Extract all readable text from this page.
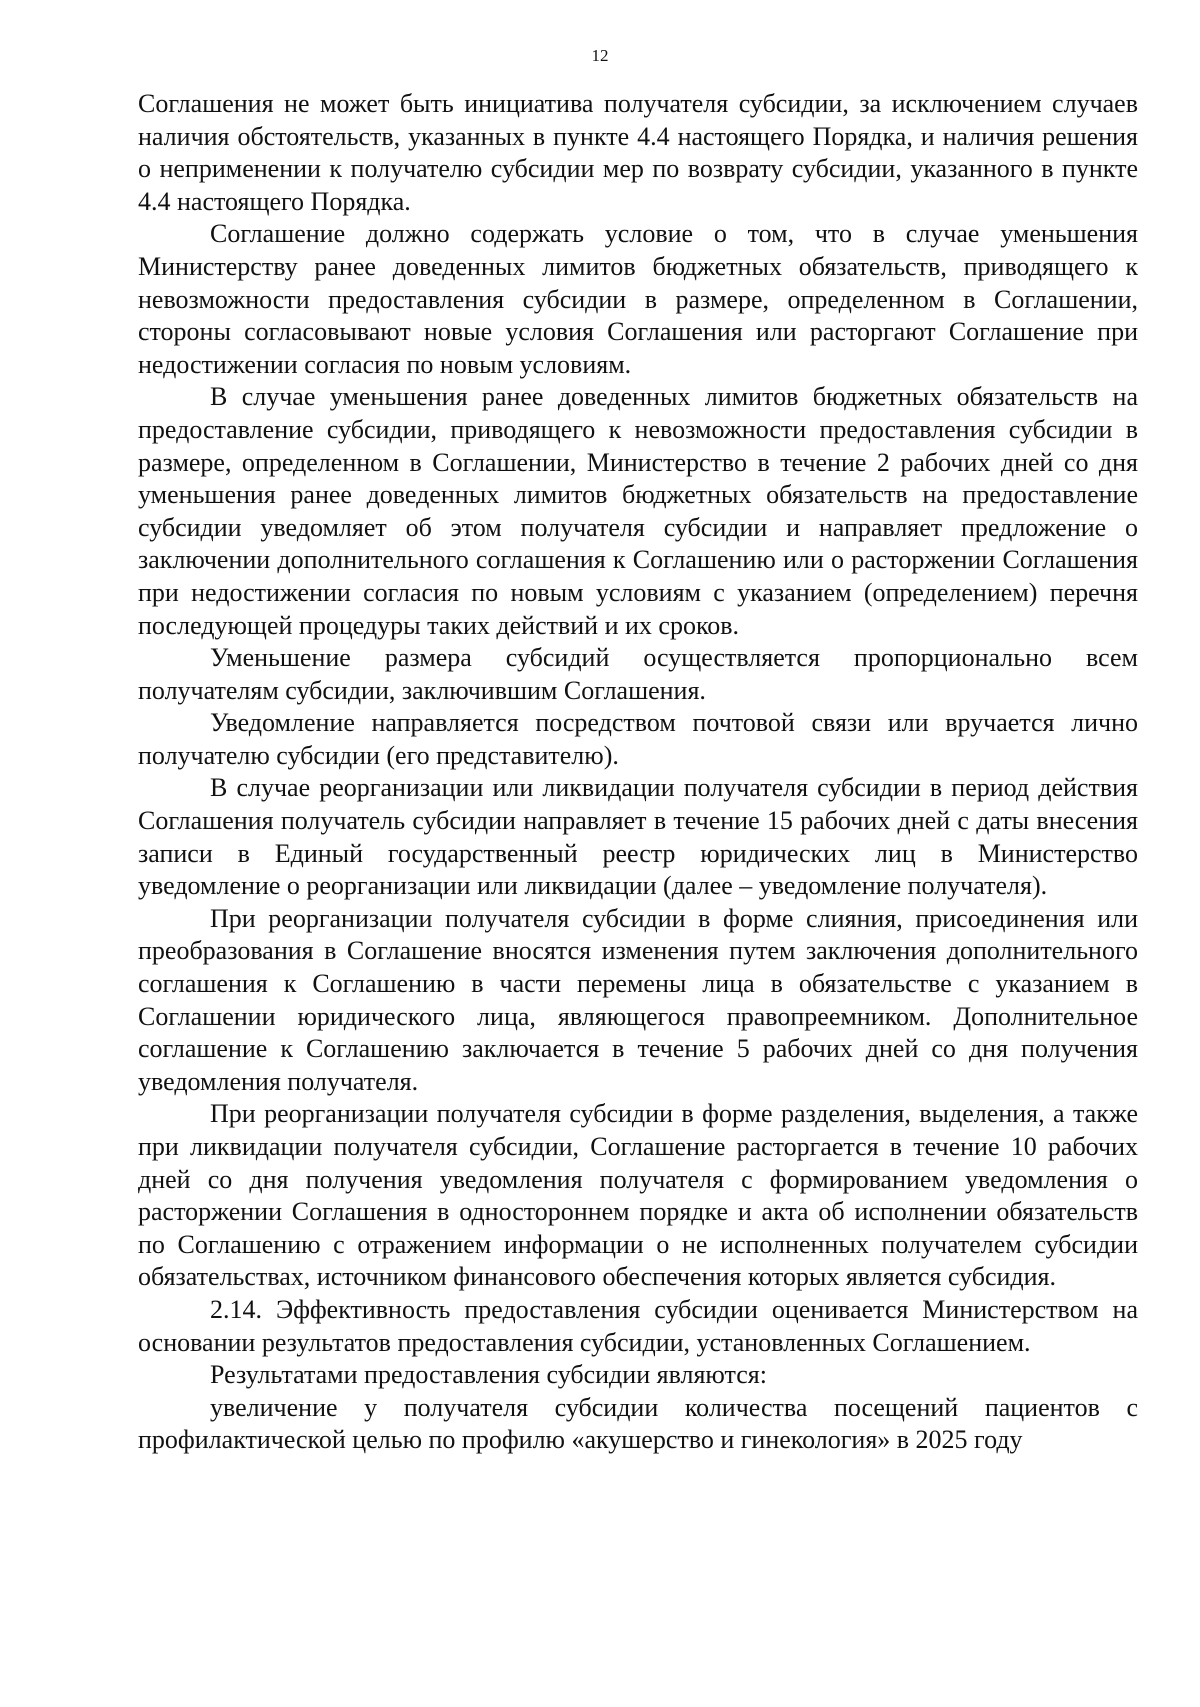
12

Соглашения не может быть инициатива получателя субсидии, за исключением случаев наличия обстоятельств, указанных в пункте 4.4 настоящего Порядка, и наличия решения о неприменении к получателю субсидии мер по возврату субсидии, указанного в пункте 4.4 настоящего Порядка.

Соглашение должно содержать условие о том, что в случае уменьшения Министерству ранее доведенных лимитов бюджетных обязательств, приводящего к невозможности предоставления субсидии в размере, определенном в Соглашении, стороны согласовывают новые условия Соглашения или расторгают Соглашение при недостижении согласия по новым условиям.

В случае уменьшения ранее доведенных лимитов бюджетных обязательств на предоставление субсидии, приводящего к невозможности предоставления субсидии в размере, определенном в Соглашении, Министерство в течение 2 рабочих дней со дня уменьшения ранее доведенных лимитов бюджетных обязательств на предоставление субсидии уведомляет об этом получателя субсидии и направляет предложение о заключении дополнительного соглашения к Соглашению или о расторжении Соглашения при недостижении согласия по новым условиям с указанием (определением) перечня последующей процедуры таких действий и их сроков.

Уменьшение размера субсидий осуществляется пропорционально всем получателям субсидии, заключившим Соглашения.

Уведомление направляется посредством почтовой связи или вручается лично получателю субсидии (его представителю).

В случае реорганизации или ликвидации получателя субсидии в период действия Соглашения получатель субсидии направляет в течение 15 рабочих дней с даты внесения записи в Единый государственный реестр юридических лиц в Министерство уведомление о реорганизации или ликвидации (далее – уведомление получателя).

При реорганизации получателя субсидии в форме слияния, присоединения или преобразования в Соглашение вносятся изменения путем заключения дополнительного соглашения к Соглашению в части перемены лица в обязательстве с указанием в Соглашении юридического лица, являющегося правопреемником. Дополнительное соглашение к Соглашению заключается в течение 5 рабочих дней со дня получения уведомления получателя.

При реорганизации получателя субсидии в форме разделения, выделения, а также при ликвидации получателя субсидии, Соглашение расторгается в течение 10 рабочих дней со дня получения уведомления получателя с формированием уведомления о расторжении Соглашения в одностороннем порядке и акта об исполнении обязательств по Соглашению с отражением информации о не исполненных получателем субсидии обязательствах, источником финансового обеспечения которых является субсидия.

2.14. Эффективность предоставления субсидии оценивается Министерством на основании результатов предоставления субсидии, установленных Соглашением.

Результатами предоставления субсидии являются:

увеличение у получателя субсидии количества посещений пациентов с профилактической целью по профилю «акушерство и гинекология» в 2025 году
